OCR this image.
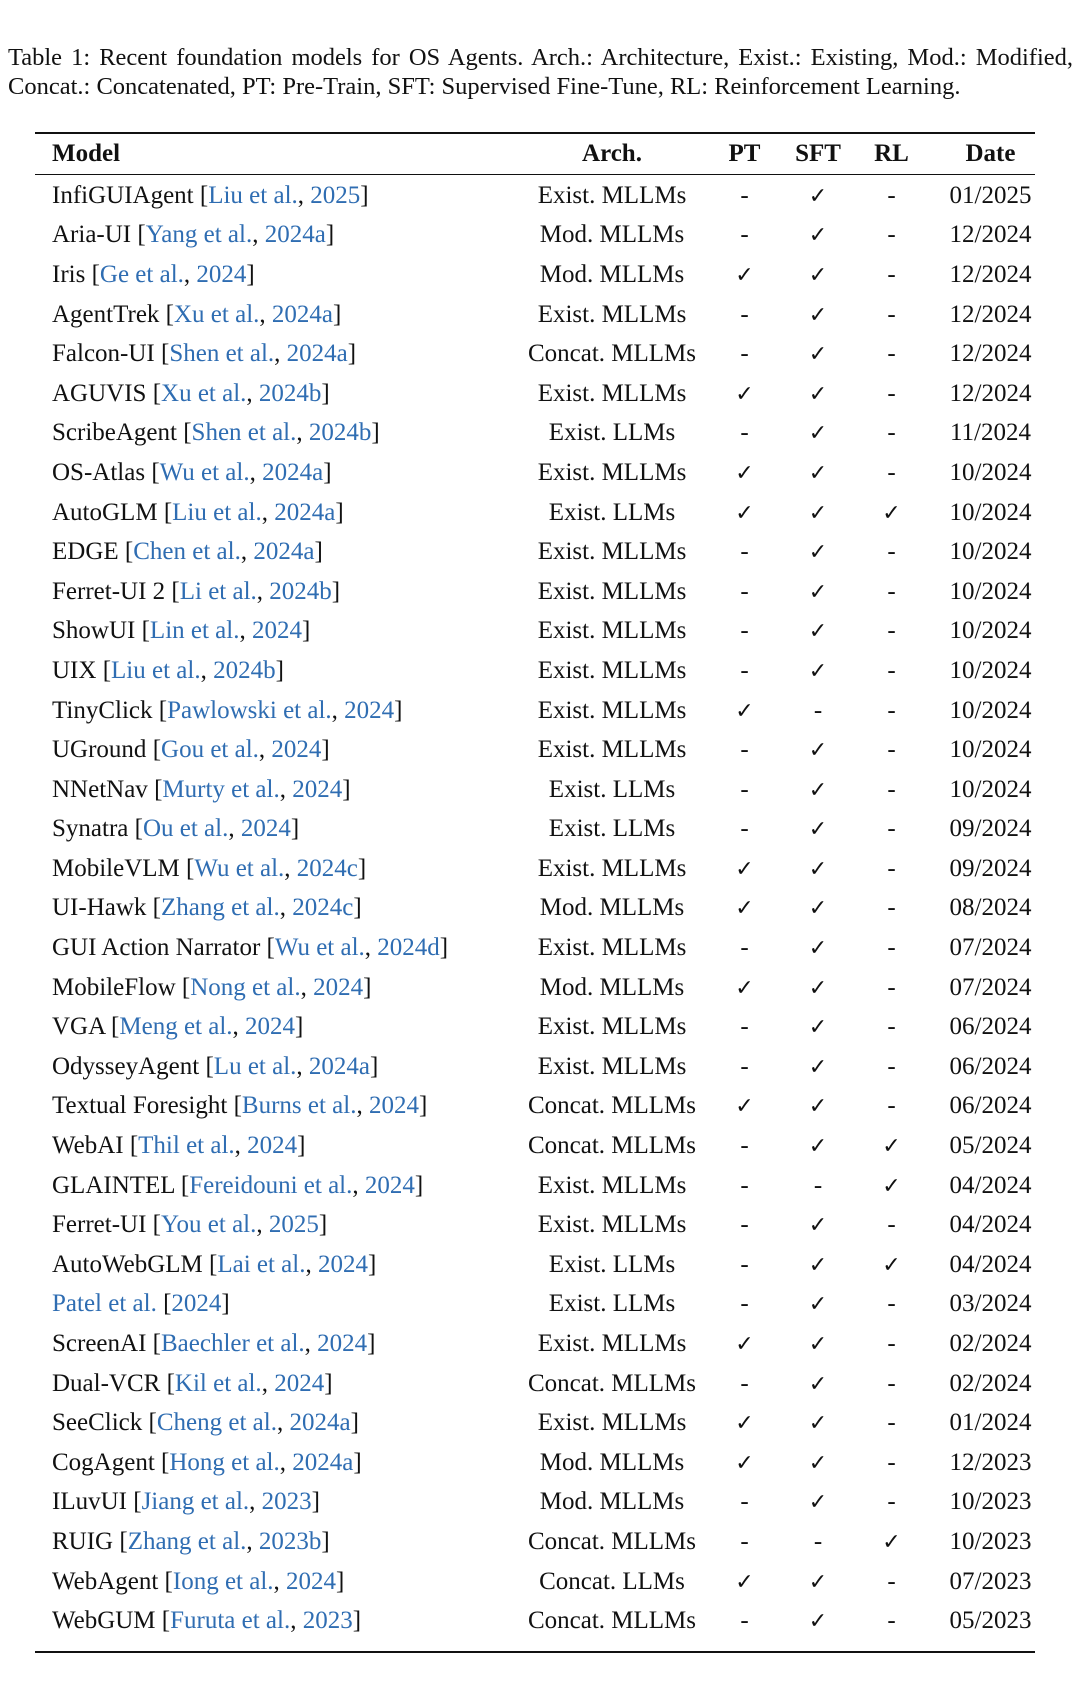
Table 1: Recent foundation models for OS Agents. Arch.: Architecture, Exist.: Existing, Mod.: Modified, Concat.: Concatenated, PT: Pre-Train, SFT: Supervised Fine-Tune, RL: Reinforcement Learning.
Model	Arch.	PT	SFT	RL	Date
InfiGUIAgent [Liu et al., 2025]	Exist. MLLMs	-	✓	-	01/2025
Aria-UI [Yang et al., 2024a]	Mod. MLLMs	-	✓	-	12/2024
Iris [Ge et al., 2024]	Mod. MLLMs	✓	✓	-	12/2024
AgentTrek [Xu et al., 2024a]	Exist. MLLMs	-	✓	-	12/2024
Falcon-UI [Shen et al., 2024a]	Concat. MLLMs	-	✓	-	12/2024
AGUVIS [Xu et al., 2024b]	Exist. MLLMs	✓	✓	-	12/2024
ScribeAgent [Shen et al., 2024b]	Exist. LLMs	-	✓	-	11/2024
OS-Atlas [Wu et al., 2024a]	Exist. MLLMs	✓	✓	-	10/2024
AutoGLM [Liu et al., 2024a]	Exist. LLMs	✓	✓	✓	10/2024
EDGE [Chen et al., 2024a]	Exist. MLLMs	-	✓	-	10/2024
Ferret-UI 2 [Li et al., 2024b]	Exist. MLLMs	-	✓	-	10/2024
ShowUI [Lin et al., 2024]	Exist. MLLMs	-	✓	-	10/2024
UIX [Liu et al., 2024b]	Exist. MLLMs	-	✓	-	10/2024
TinyClick [Pawlowski et al., 2024]	Exist. MLLMs	✓	-	-	10/2024
UGround [Gou et al., 2024]	Exist. MLLMs	-	✓	-	10/2024
NNetNav [Murty et al., 2024]	Exist. LLMs	-	✓	-	10/2024
Synatra [Ou et al., 2024]	Exist. LLMs	-	✓	-	09/2024
MobileVLM [Wu et al., 2024c]	Exist. MLLMs	✓	✓	-	09/2024
UI-Hawk [Zhang et al., 2024c]	Mod. MLLMs	✓	✓	-	08/2024
GUI Action Narrator [Wu et al., 2024d]	Exist. MLLMs	-	✓	-	07/2024
MobileFlow [Nong et al., 2024]	Mod. MLLMs	✓	✓	-	07/2024
VGA [Meng et al., 2024]	Exist. MLLMs	-	✓	-	06/2024
OdysseyAgent [Lu et al., 2024a]	Exist. MLLMs	-	✓	-	06/2024
Textual Foresight [Burns et al., 2024]	Concat. MLLMs	✓	✓	-	06/2024
WebAI [Thil et al., 2024]	Concat. MLLMs	-	✓	✓	05/2024
GLAINTEL [Fereidouni et al., 2024]	Exist. MLLMs	-	-	✓	04/2024
Ferret-UI [You et al., 2025]	Exist. MLLMs	-	✓	-	04/2024
AutoWebGLM [Lai et al., 2024]	Exist. LLMs	-	✓	✓	04/2024
Patel et al. [2024]	Exist. LLMs	-	✓	-	03/2024
ScreenAI [Baechler et al., 2024]	Exist. MLLMs	✓	✓	-	02/2024
Dual-VCR [Kil et al., 2024]	Concat. MLLMs	-	✓	-	02/2024
SeeClick [Cheng et al., 2024a]	Exist. MLLMs	✓	✓	-	01/2024
CogAgent [Hong et al., 2024a]	Mod. MLLMs	✓	✓	-	12/2023
ILuvUI [Jiang et al., 2023]	Mod. MLLMs	-	✓	-	10/2023
RUIG [Zhang et al., 2023b]	Concat. MLLMs	-	-	✓	10/2023
WebAgent [Iong et al., 2024]	Concat. LLMs	✓	✓	-	07/2023
WebGUM [Furuta et al., 2023]	Concat. MLLMs	-	✓	-	05/2023
